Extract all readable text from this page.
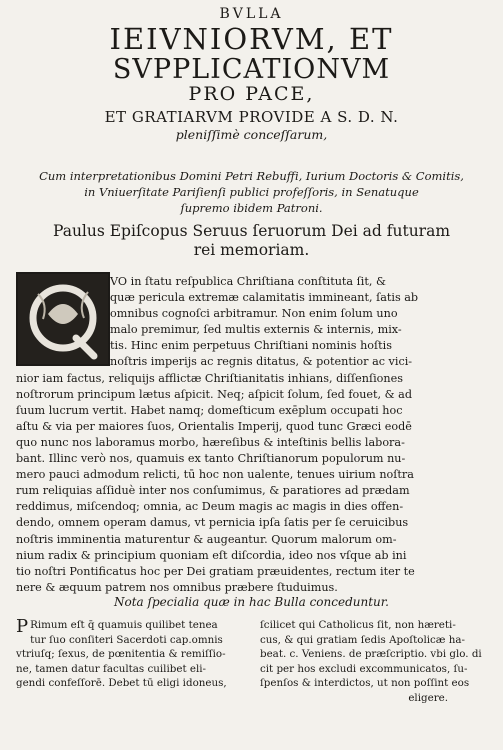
BVLLA
IEIVNIORVM, ET
SVPPLICATIONVM
PRO PACE,
ET GRATIARVM PROVIDE A S. D. N.
pleniſſimè conceſſarum,
Cum interpretationibus Domini Petri Rebuffi, Iurium Doctoris & Comitis,
in Vniuerſitate Pariſienſi publici profeſſoris, in Senatuque
ſupremo ibidem Patroni.
Paulus Epiſcopus Seruus ſeruorum Dei ad futuram
rei memoriam.
VO in ſtatu reſpublica Chriſtiana conſtituta ſit, &
quæ pericula extremæ calamitatis immineant, ſatis ab
omnibus cognoſci arbitramur. Non enim ſolum uno
malo premimur, ſed multis externis & internis, mix-
tis. Hinc enim perpetuus Chriſtiani nominis hoſtis
noſtris imperijs ac regnis ditatus, & potentior ac vici-
nior iam factus, reliquijs afflictæ Chriſtianitatis inhians, diſſenſiones
noſtrorum principum lætus aſpicit. Neq; aſpicit ſolum, ſed fouet, & ad
ſuum lucrum vertit. Habet namq; domeſticum exēplum occupati hoc
aſtu & via per maiores ſuos, Orientalis Imperij, quod tunc Græci eodē
quo nunc nos laboramus morbo, hæreſibus & inteſtinis bellis labora-
bant. Illinc verò nos, quamuis ex tanto Chriſtianorum populorum nu-
mero pauci admodum relicti, tū hoc non ualente, tenues uirium noſtra
rum reliquias aſſiduè inter nos conſumimus, & paratiores ad prædam
reddimus, miſcendoq; omnia, ac Deum magis ac magis in dies offen-
dendo, omnem operam damus, vt pernicia ipſa ſatis per ſe ceruicibus
noſtris imminentia maturentur & augeantur. Quorum malorum om-
nium radix & principium quoniam eſt diſcordia, ideo nos vſque ab ini
tio noſtri Pontificatus hoc per Dei gratiam præuidentes, rectum iter te
nere & æquum patrem nos omnibus præbere ſtuduimus.
Nota ſpecialia quæ in hac Bulla conceduntur.
P Rimum eſt q̄ quamuis quilibet tenea
tur ſuo conſiteri Sacerdoti cap.omnis
vtriuſq; ſexus, de pœnitentia & remiſſio-
ne, tamen datur facultas cuilibet eli-
gendi confeſſorē. Debet tū eligi idoneus,
ſcilicet qui Catholicus ſit, non hæreti-
cus, & qui gratiam ſedis Apoſtolicæ ha-
beat. c. Veniens. de præſcriptio. vbi glo. di
cit per hos excludi excommunicatos, ſu-
ſpenſos & interdictos, ut non poſſint eos
eligere.
